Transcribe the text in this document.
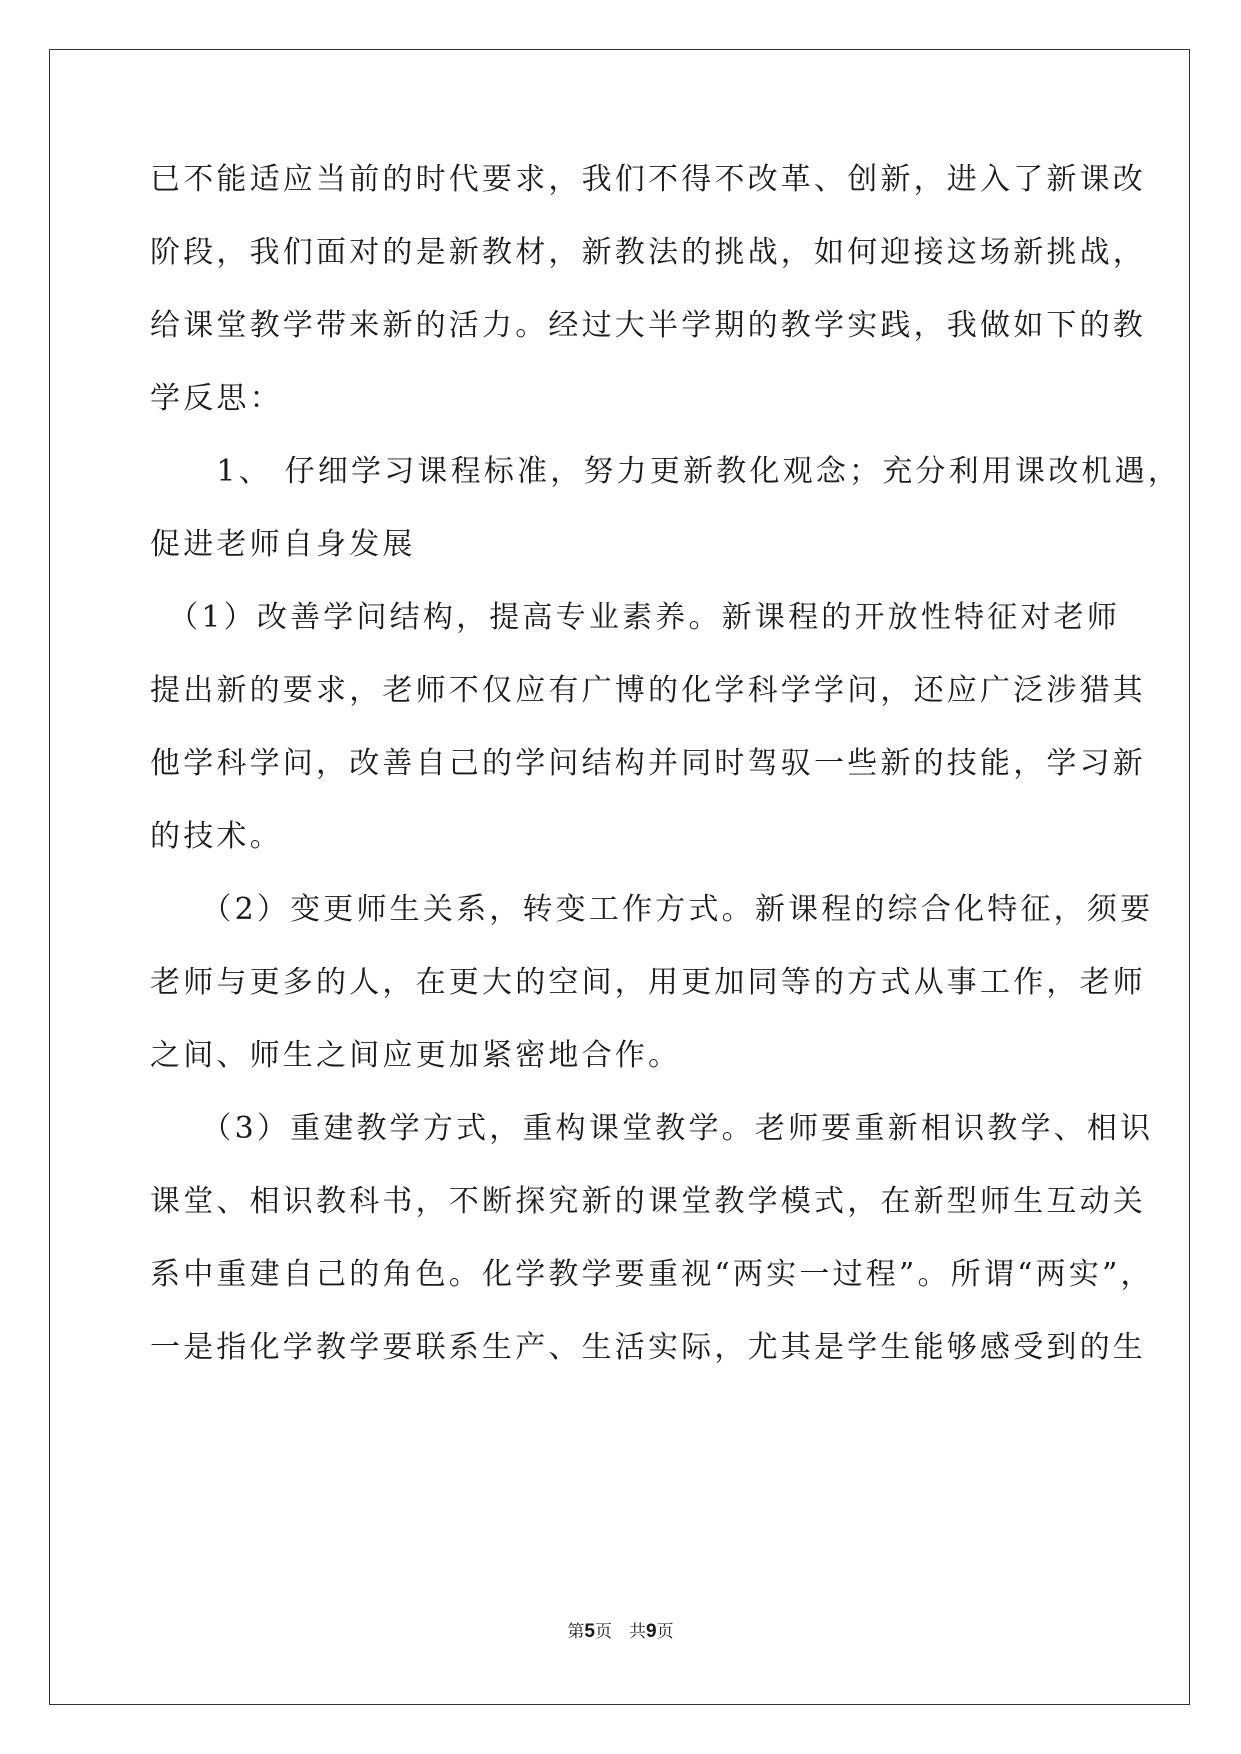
已不能适应当前的时代要求，我们不得不改革、创新，进入了新课改
阶段，我们面对的是新教材，新教法的挑战，如何迎接这场新挑战，
给课堂教学带来新的活力。经过大半学期的教学实践，我做如下的教
学反思：
　　1、 仔细学习课程标准，努力更新教化观念；充分利用课改机遇，
促进老师自身发展
　（1）改善学问结构，提高专业素养。新课程的开放性特征对老师
提出新的要求，老师不仅应有广博的化学科学学问，还应广泛涉猎其
他学科学问，改善自己的学问结构并同时驾驭一些新的技能，学习新
的技术。
　　（2）变更师生关系，转变工作方式。新课程的综合化特征，须要
老师与更多的人，在更大的空间，用更加同等的方式从事工作，老师
之间、师生之间应更加紧密地合作。
　　（3）重建教学方式，重构课堂教学。老师要重新相识教学、相识
课堂、相识教科书，不断探究新的课堂教学模式，在新型师生互动关
系中重建自己的角色。化学教学要重视“两实一过程”。所谓“两实”，
一是指化学教学要联系生产、生活实际，尤其是学生能够感受到的生
第5页　共9页
